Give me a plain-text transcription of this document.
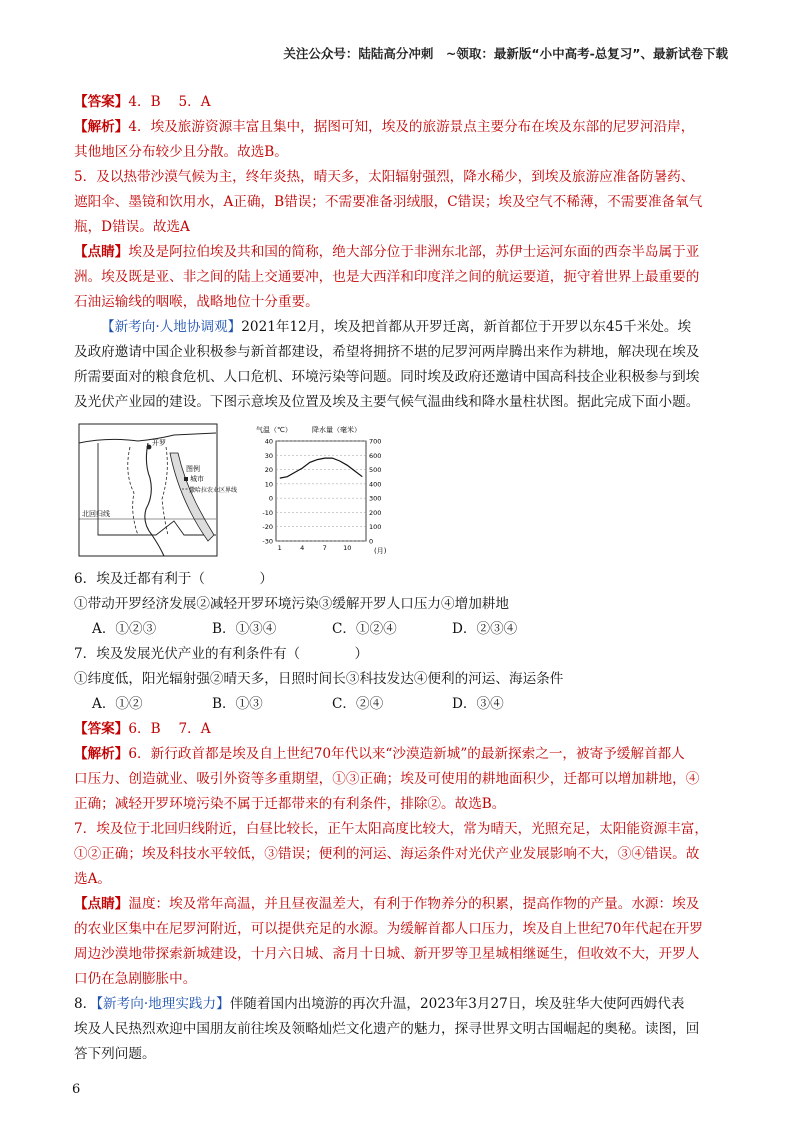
关注公众号：陆陆高分冲刺　~领取：最新版“小中高考-总复习”、最新试卷下载
【答案】4．B　 5．A
【解析】4．埃及旅游资源丰富且集中，据图可知，埃及的旅游景点主要分布在埃及东部的尼罗河沿岸，
其他地区分布较少且分散。故选B。
5．及以热带沙漠气候为主，终年炎热，晴天多，太阳辐射强烈，降水稀少，到埃及旅游应准备防暑药、
遮阳伞、墨镜和饮用水，A正确，B错误；不需要准备羽绒服，C错误；埃及空气不稀薄，不需要准备氧气
瓶，D错误。故选A
【点睛】埃及是阿拉伯埃及共和国的简称，绝大部分位于非洲东北部，苏伊士运河东面的西奈半岛属于亚
洲。埃及既是亚、非之间的陆上交通要冲，也是大西洋和印度洋之间的航运要道，扼守着世界上最重要的
石油运输线的咽喉，战略地位十分重要。
【新考向·人地协调观】2021年12月，埃及把首都从开罗迁离，新首都位于开罗以东45千米处。埃
及政府邀请中国企业积极参与新首都建设，希望将拥挤不堪的尼罗河两岸腾出来作为耕地，解决现在埃及
所需要面对的粮食危机、人口危机、环境污染等问题。同时埃及政府还邀请中国高科技企业积极参与到埃
及光伏产业园的建设。下图示意埃及位置及埃及主要气候气温曲线和降水量柱状图。据此完成下面小题。
开罗
北回归线
图例
城市
撒哈拉农业区界线
气温（℃）	降水量（毫米）
40
30
20
10
0
-10
-20
-30
700
600
500
400
300
200
100
0
1	4	7	10	(月)
6．埃及迁都有利于（　　　　）
①带动开罗经济发展②减轻开罗环境污染③缓解开罗人口压力④增加耕地
A．①②③	B．①③④	C．①②④	D．②③④
7．埃及发展光伏产业的有利条件有（　　　　）
①纬度低，阳光辐射强②晴天多，日照时间长③科技发达④便利的河运、海运条件
A．①②	B．①③	C．②④	D．③④
【答案】6．B　 7．A
【解析】6．新行政首都是埃及自上世纪70年代以来“沙漠造新城”的最新探索之一，被寄予缓解首都人
口压力、创造就业、吸引外资等多重期望，①③正确；埃及可使用的耕地面积少，迁都可以增加耕地，④
正确；减轻开罗环境污染不属于迁都带来的有利条件，排除②。故选B。
7．埃及位于北回归线附近，白昼比较长，正午太阳高度比较大，常为晴天，光照充足，太阳能资源丰富，
①②正确；埃及科技水平较低，③错误；便利的河运、海运条件对光伏产业发展影响不大，③④错误。故
选A。
【点睛】温度：埃及常年高温，并且昼夜温差大，有利于作物养分的积累，提高作物的产量。水源：埃及
的农业区集中在尼罗河附近，可以提供充足的水源。为缓解首都人口压力，埃及自上世纪70年代起在开罗
周边沙漠地带探索新城建设，十月六日城、斋月十日城、新开罗等卫星城相继诞生，但收效不大，开罗人
口仍在急剧膨胀中。
8．【新考向·地理实践力】伴随着国内出境游的再次升温，2023年3月27日，埃及驻华大使阿西姆代表
埃及人民热烈欢迎中国朋友前往埃及领略灿烂文化遗产的魅力，探寻世界文明古国崛起的奥秘。读图，回
答下列问题。
6
